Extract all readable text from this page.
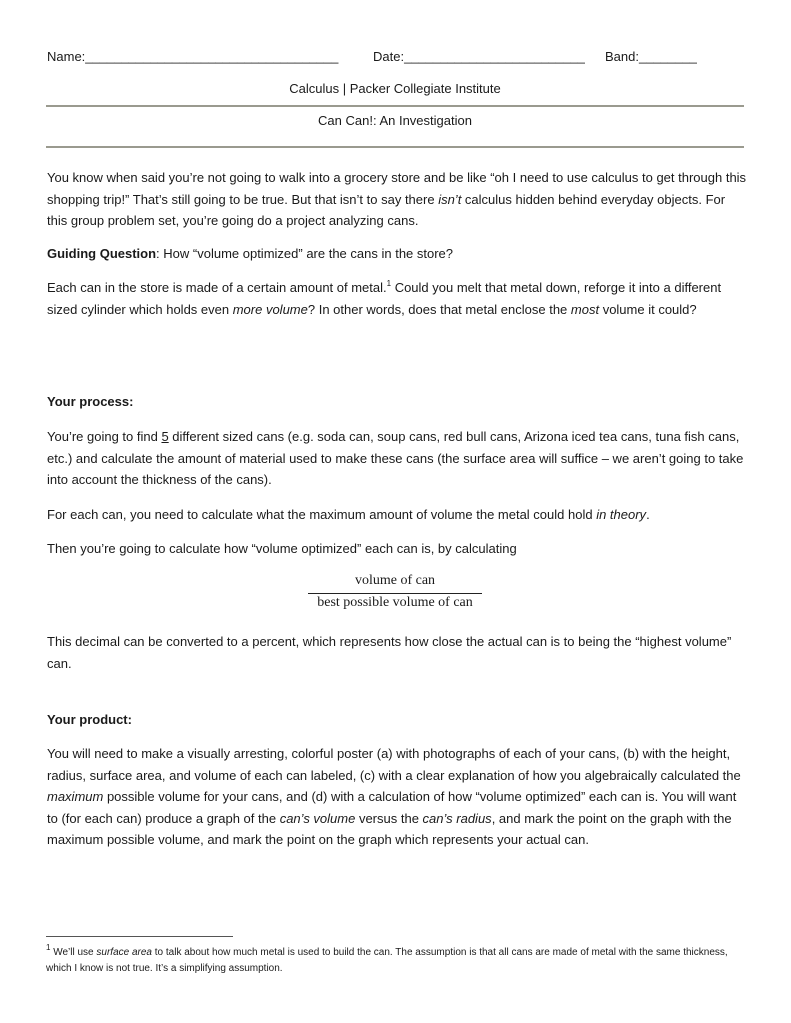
Name:___________________________________	Date:_________________________ Band:________
Calculus | Packer Collegiate Institute
Can Can!: An Investigation
You know when said you’re not going to walk into a grocery store and be like “oh I need to use calculus to get through this shopping trip!” That’s still going to be true. But that isn’t to say there isn’t calculus hidden behind everyday objects. For this group problem set, you’re going do a project analyzing cans.
Guiding Question: How “volume optimized” are the cans in the store?
Each can in the store is made of a certain amount of metal.$^1$ Could you melt that metal down, reforge it into a different sized cylinder which holds even more volume? In other words, does that metal enclose the most volume it could?
Your process:
You’re going to find 5 different sized cans (e.g. soda can, soup cans, red bull cans, Arizona iced tea cans, tuna fish cans, etc.) and calculate the amount of material used to make these cans (the surface area will suffice – we aren’t going to take into account the thickness of the cans).
For each can, you need to calculate what the maximum amount of volume the metal could hold in theory.
Then you’re going to calculate how “volume optimized” each can is, by calculating
volume of can
best possible volume of can
This decimal can be converted to a percent, which represents how close the actual can is to being the “highest volume” can.
Your product:
You will need to make a visually arresting, colorful poster (a) with photographs of each of your cans, (b) with the height, radius, surface area, and volume of each can labeled, (c) with a clear explanation of how you algebraically calculated the maximum possible volume for your cans, and (d) with a calculation of how “volume optimized” each can is. You will want to (for each can) produce a graph of the can’s volume versus the can’s radius, and mark the point on the graph with the maximum possible volume, and mark the point on the graph which represents your actual can.
$^1$ We’ll use surface area to talk about how much metal is used to build the can. The assumption is that all cans are made of metal with the same thickness, which I know is not true. It’s a simplifying assumption.
